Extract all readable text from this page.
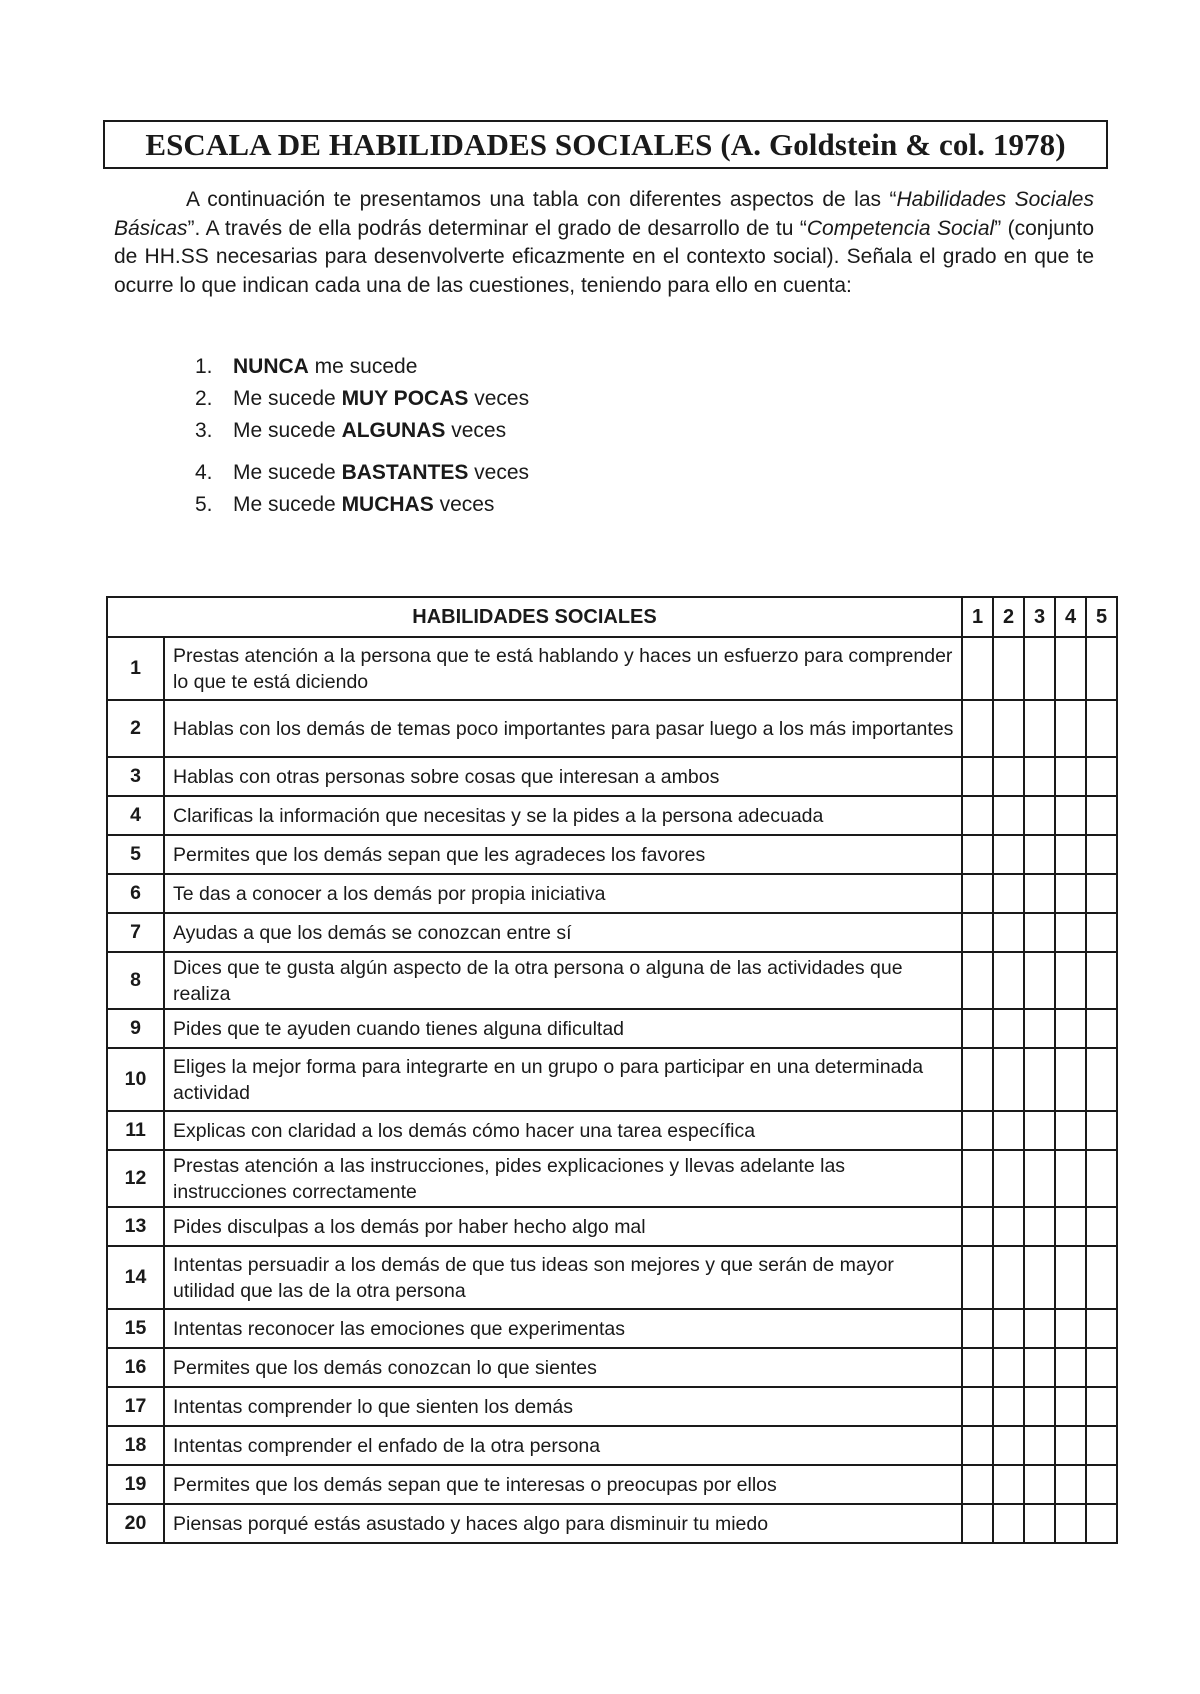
ESCALA DE HABILIDADES SOCIALES (A. Goldstein & col. 1978)

A continuación te presentamos una tabla con diferentes aspectos de las “Habilidades Sociales Básicas”. A través de ella podrás determinar el grado de desarrollo de tu “Competencia Social” (conjunto de HH.SS necesarias para desenvolverte eficazmente en el contexto social). Señala el grado en que te ocurre lo que indican cada una de las cuestiones, teniendo para ello en cuenta:

1. NUNCA me sucede
2. Me sucede MUY POCAS veces
3. Me sucede ALGUNAS veces
4. Me sucede BASTANTES veces
5. Me sucede MUCHAS veces
HABILIDADES SOCIALES		1	2	3	4	5
1	Prestas atención a la persona que te está hablando y haces un esfuerzo para comprender lo que te está diciendo					
2	Hablas con los demás de temas poco importantes para pasar luego a los más importantes					
3	Hablas con otras personas sobre cosas que interesan a ambos					
4	Clarificas la información que necesitas y se la pides a la persona adecuada					
5	Permites que los demás sepan que les agradeces los favores					
6	Te das a conocer a los demás por propia iniciativa					
7	Ayudas a que los demás se conozcan entre sí					
8	Dices que te gusta algún aspecto de la otra persona o alguna de las actividades que realiza					
9	Pides que te ayuden cuando tienes alguna dificultad					
10	Eliges la mejor forma para integrarte en un grupo o para participar en una determinada actividad					
11	Explicas con claridad a los demás cómo hacer una tarea específica					
12	Prestas atención a las instrucciones, pides explicaciones y llevas adelante las instrucciones correctamente					
13	Pides disculpas a los demás por haber hecho algo mal					
14	Intentas persuadir a los demás de que tus ideas son mejores y que serán de mayor utilidad que las de la otra persona					
15	Intentas reconocer las emociones que experimentas					
16	Permites que los demás conozcan lo que sientes					
17	Intentas comprender lo que sienten los demás					
18	Intentas comprender el enfado de la otra persona					
19	Permites que los demás sepan que te interesas o preocupas por ellos					
20	Piensas porqué estás asustado y haces algo para disminuir tu miedo					
